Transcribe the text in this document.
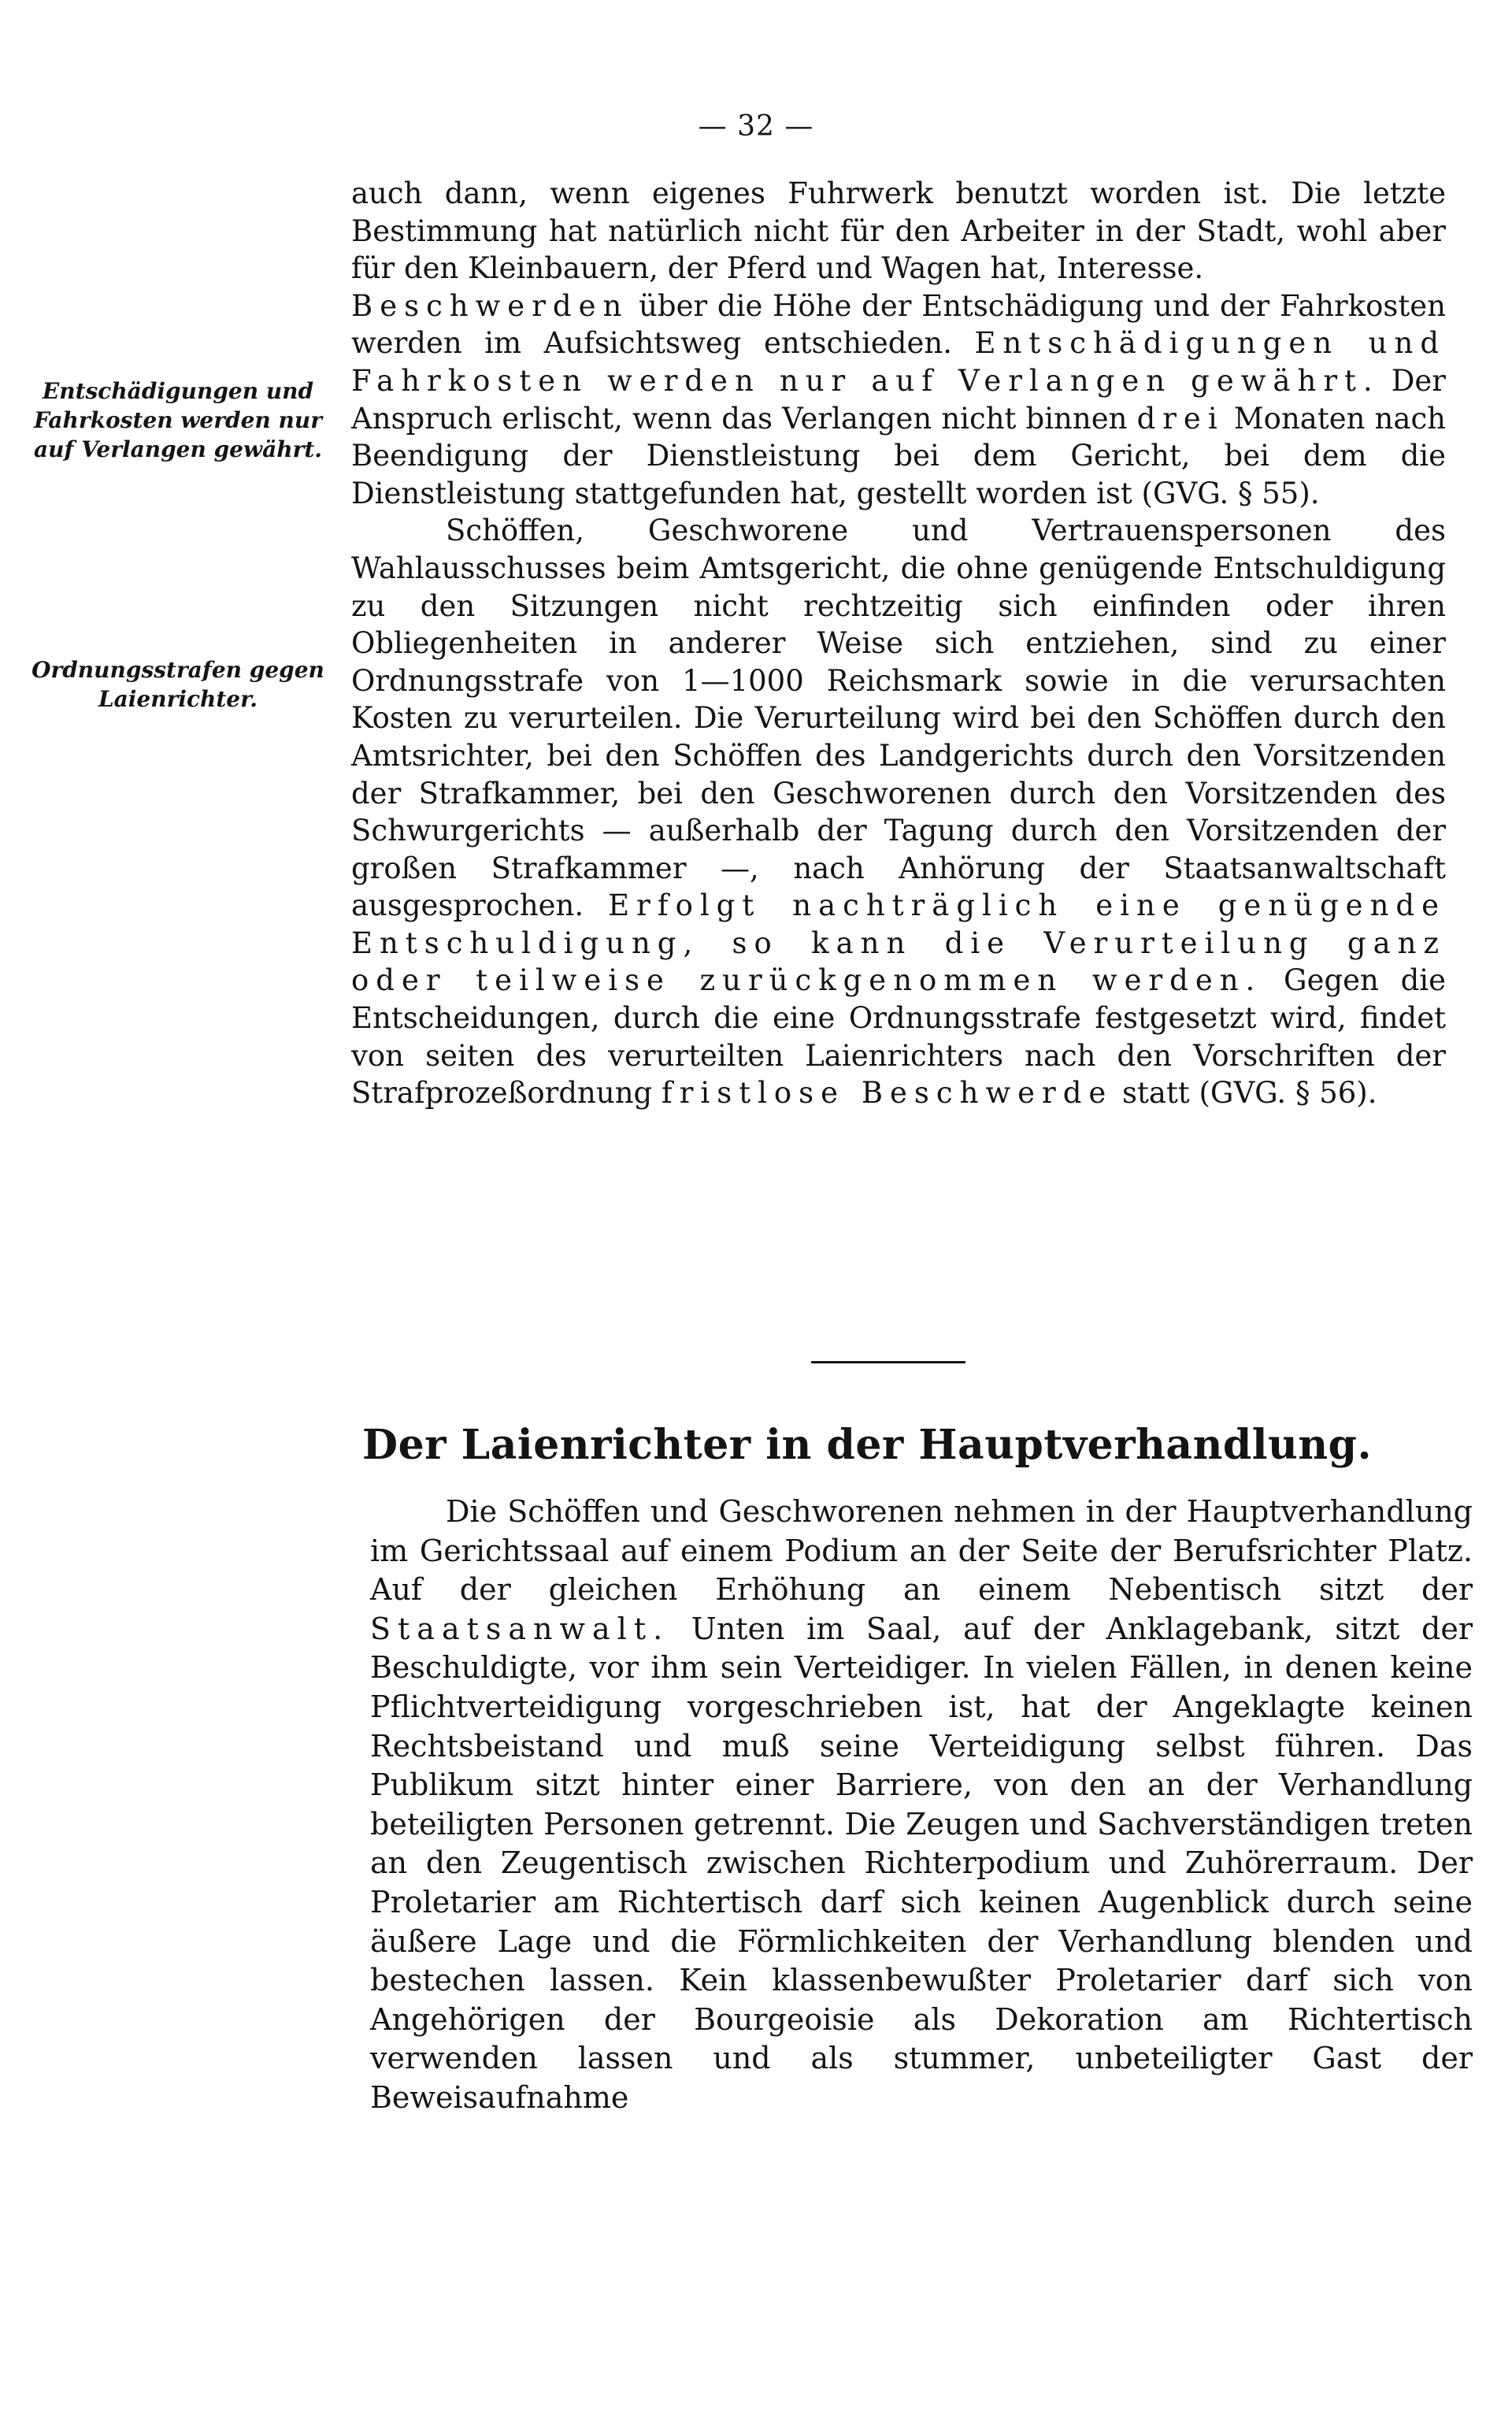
— 32 —
Entschädigungen und Fahrkosten werden nur auf Verlangen gewährt.
Ordnungsstrafen gegen Laienrichter.

auch dann, wenn eigenes Fuhrwerk benutzt worden ist. Die letzte Bestimmung hat natürlich nicht für den Arbeiter in der Stadt, wohl aber für den Kleinbauern, der Pferd und Wagen hat, Interesse.

Beschwerden über die Höhe der Entschädigung und der Fahrkosten werden im Aufsichtsweg entschieden. Entschädigungen und Fahrkosten werden nur auf Verlangen gewährt. Der Anspruch erlischt, wenn das Verlangen nicht binnen drei Monaten nach Beendigung der Dienstleistung bei dem Gericht, bei dem die Dienstleistung stattgefunden hat, gestellt worden ist (GVG. § 55).

Schöffen, Geschworene und Vertrauenspersonen des Wahlausschusses beim Amtsgericht, die ohne genügende Entschuldigung zu den Sitzungen nicht rechtzeitig sich einfinden oder ihren Obliegenheiten in anderer Weise sich entziehen, sind zu einer Ordnungsstrafe von 1—1000 Reichsmark sowie in die verursachten Kosten zu verurteilen. Die Verurteilung wird bei den Schöffen durch den Amtsrichter, bei den Schöffen des Landgerichts durch den Vorsitzenden der Strafkammer, bei den Geschworenen durch den Vorsitzenden des Schwurgerichts — außerhalb der Tagung durch den Vorsitzenden der großen Strafkammer —, nach Anhörung der Staatsanwaltschaft ausgesprochen. Erfolgt nachträglich eine genügende Entschuldigung, so kann die Verurteilung ganz oder teilweise zurückgenommen werden. Gegen die Entscheidungen, durch die eine Ordnungsstrafe festgesetzt wird, findet von seiten des verurteilten Laienrichters nach den Vorschriften der Strafprozeßordnung fristlose Beschwerde statt (GVG. § 56).

Der Laienrichter in der Hauptverhandlung.

Die Schöffen und Geschworenen nehmen in der Hauptverhandlung im Gerichtssaal auf einem Podium an der Seite der Berufsrichter Platz. Auf der gleichen Erhöhung an einem Nebentisch sitzt der Staatsanwalt. Unten im Saal, auf der Anklagebank, sitzt der Beschuldigte, vor ihm sein Verteidiger. In vielen Fällen, in denen keine Pflichtverteidigung vorgeschrieben ist, hat der Angeklagte keinen Rechtsbeistand und muß seine Verteidigung selbst führen. Das Publikum sitzt hinter einer Barriere, von den an der Verhandlung beteiligten Personen getrennt. Die Zeugen und Sachverständigen treten an den Zeugentisch zwischen Richterpodium und Zuhörerraum. Der Proletarier am Richtertisch darf sich keinen Augenblick durch seine äußere Lage und die Förmlichkeiten der Verhandlung blenden und bestechen lassen. Kein klassenbewußter Proletarier darf sich von Angehörigen der Bourgeoisie als Dekoration am Richtertisch verwenden lassen und als stummer, unbeteiligter Gast der Beweisaufnahme
